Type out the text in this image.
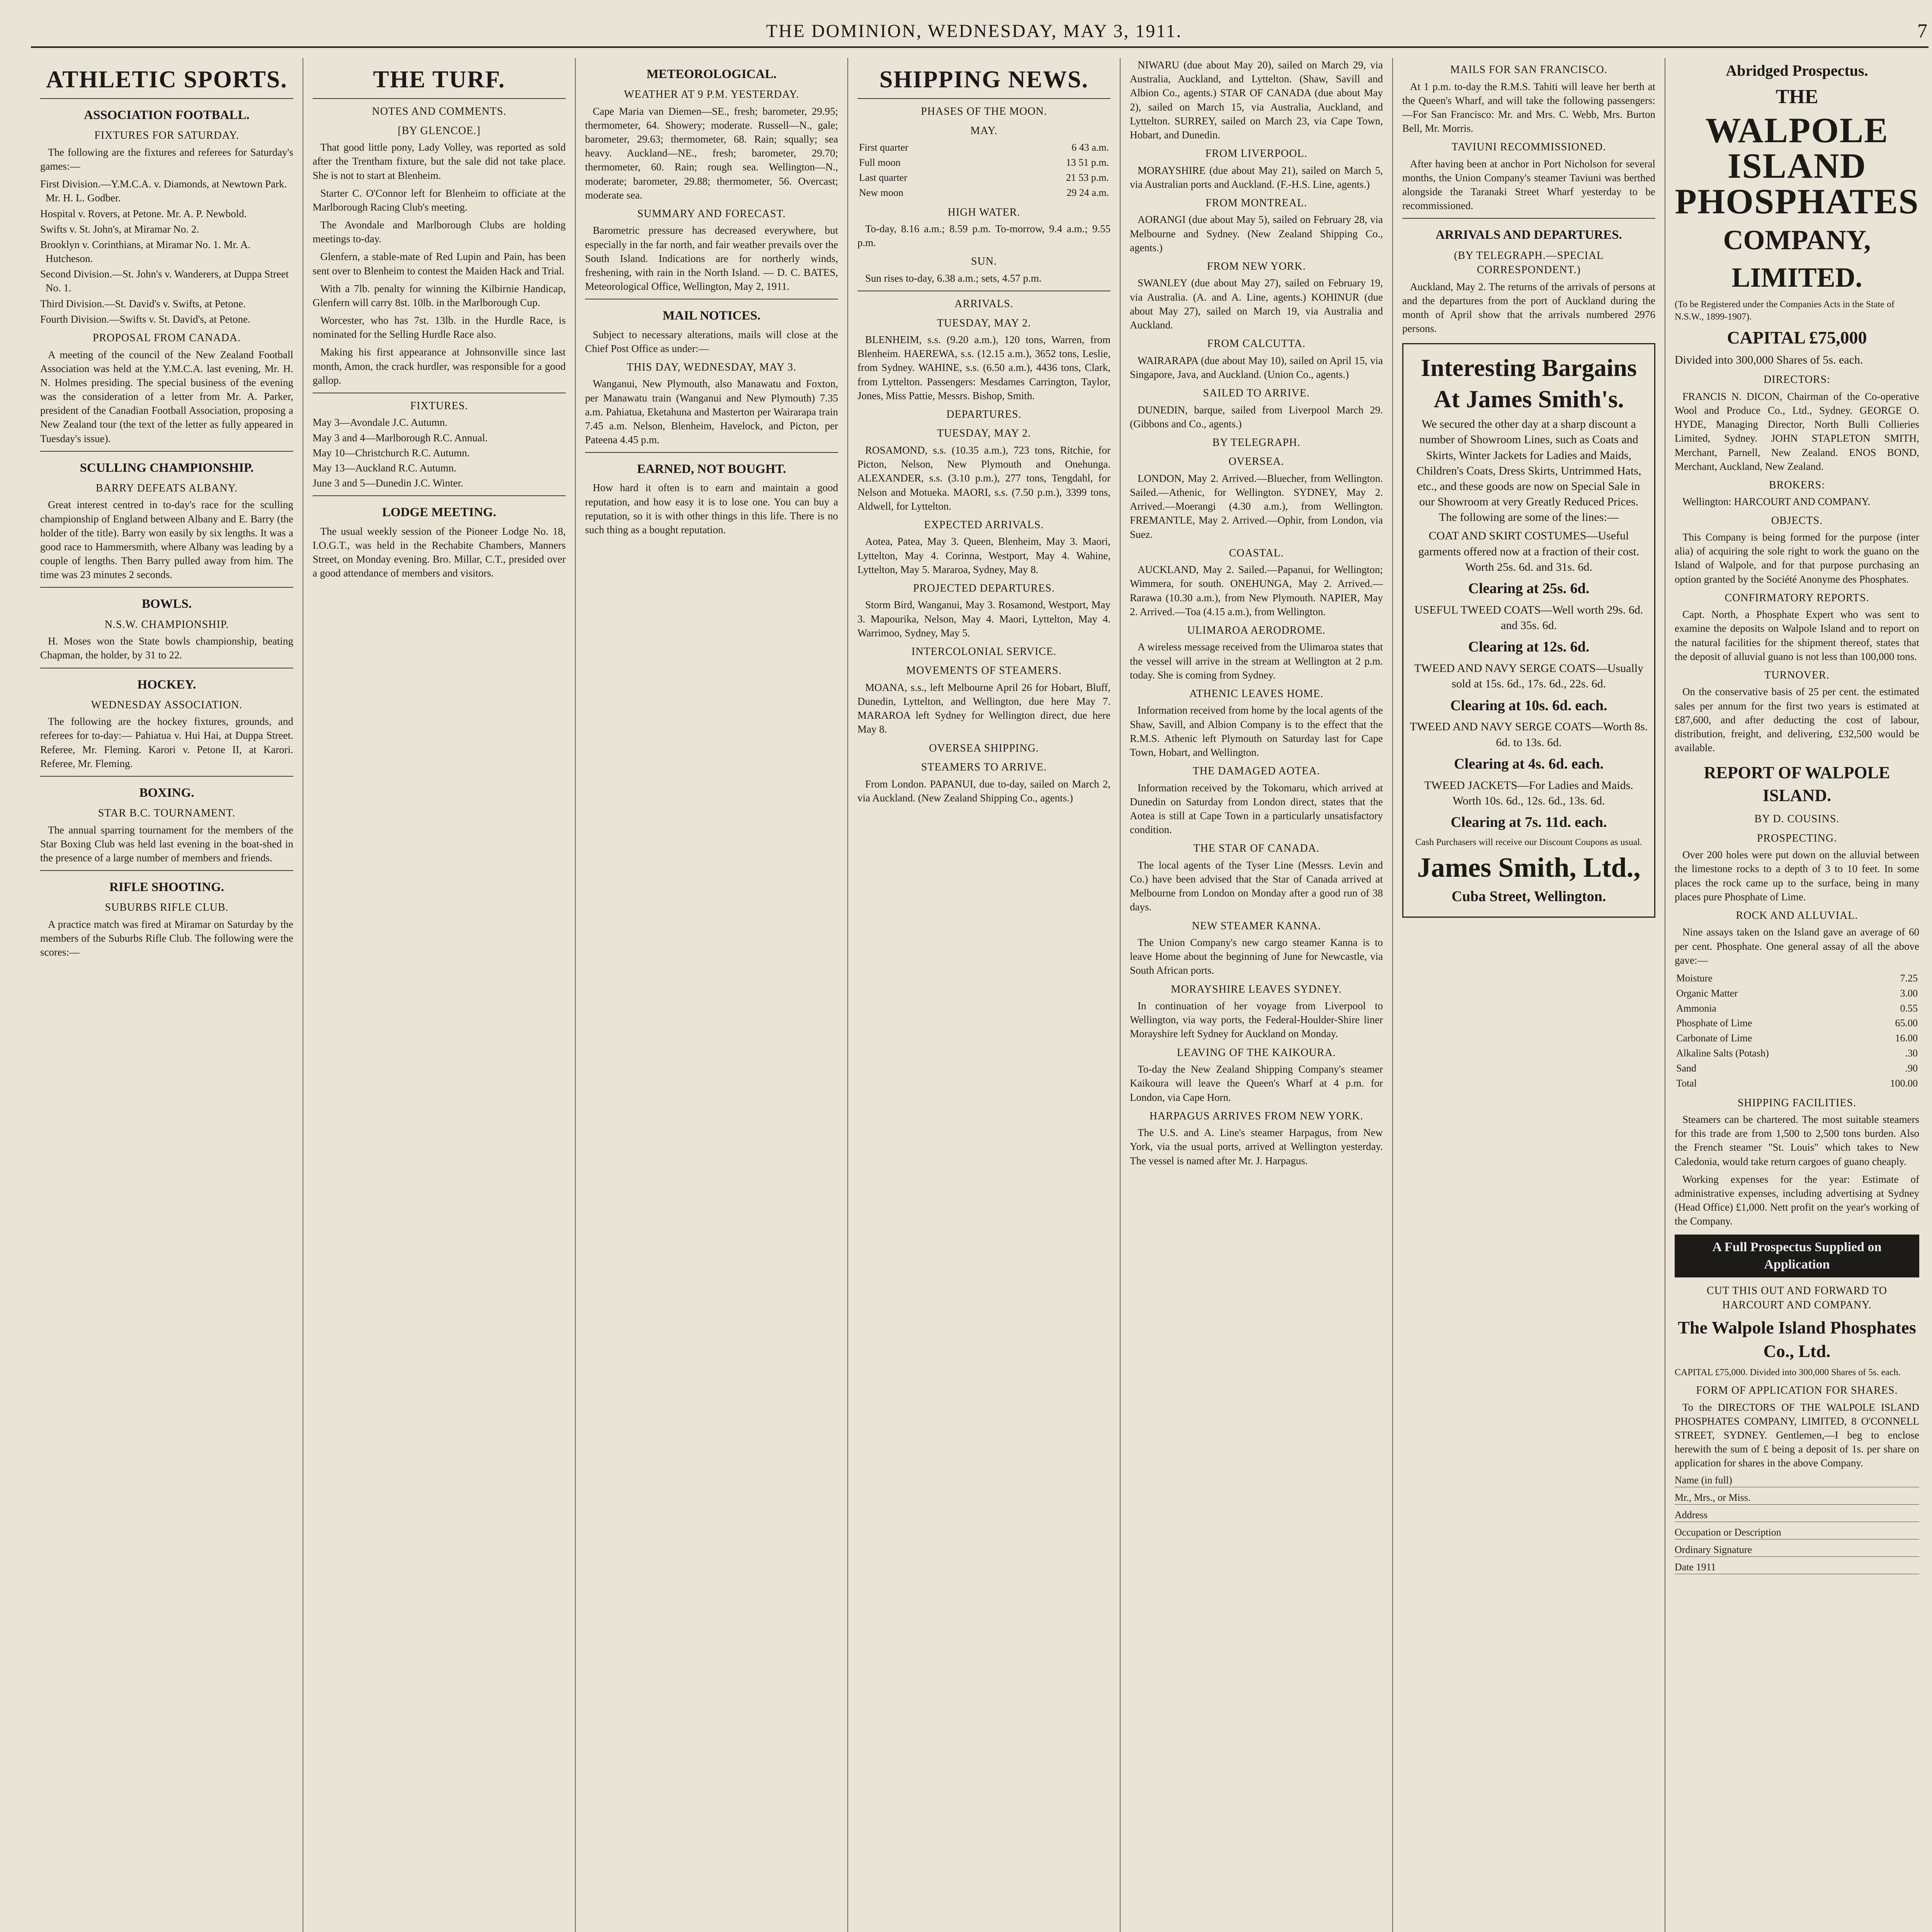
THE DOMINION, WEDNESDAY, MAY 3, 1911.	7
ATHLETIC SPORTS.
ASSOCIATION FOOTBALL.
FIXTURES FOR SATURDAY.

The following are the fixtures and referees for Saturday's games:—

First Division.—Y.M.C.A. v. Diamonds, at Newtown Park. Mr. H. L. Godber.

Hospital v. Rovers, at Petone. Mr. A. P. Newbold.

Swifts v. St. John's, at Miramar No. 2.

Brooklyn v. Corinthians, at Miramar No. 1. Mr. A. Hutcheson.

Second Division.—St. John's v. Wanderers, at Duppa Street No. 1.

Third Division.—St. David's v. Swifts, at Petone.

Fourth Division.—Swifts v. St. David's, at Petone.

PROPOSAL FROM CANADA.

A meeting of the council of the New Zealand Football Association was held at the Y.M.C.A. last evening, Mr. H. N. Holmes presiding. The special business of the evening was the consideration of a letter from Mr. A. Parker, president of the Canadian Football Association, proposing a New Zealand tour (the text of the letter as fully appeared in Tuesday's issue).

SCULLING CHAMPIONSHIP.
BARRY DEFEATS ALBANY.

Great interest centred in to-day's race for the sculling championship of England between Albany and E. Barry (the holder of the title). Barry won easily by six lengths. It was a good race to Hammersmith, where Albany was leading by a couple of lengths. Then Barry pulled away from him. The time was 23 minutes 2 seconds.

BOWLS.
N.S.W. CHAMPIONSHIP.

H. Moses won the State bowls championship, beating Chapman, the holder, by 31 to 22.

HOCKEY.
WEDNESDAY ASSOCIATION.

The following are the hockey fixtures, grounds, and referees for to-day:— Pahiatua v. Hui Hai, at Duppa Street. Referee, Mr. Fleming. Karori v. Petone II, at Karori. Referee, Mr. Fleming.

BOXING.
STAR B.C. TOURNAMENT.

The annual sparring tournament for the members of the Star Boxing Club was held last evening in the boat-shed in the presence of a large number of members and friends.

RIFLE SHOOTING.
SUBURBS RIFLE CLUB.

A practice match was fired at Miramar on Saturday by the members of the Suburbs Rifle Club. The following were the scores:—

THE TURF.
NOTES AND COMMENTS.
[BY GLENCOE.]

That good little pony, Lady Volley, was reported as sold after the Trentham fixture, but the sale did not take place. She is not to start at Blenheim.

Starter C. O'Connor left for Blenheim to officiate at the Marlborough Racing Club's meeting.

The Avondale and Marlborough Clubs are holding meetings to-day.

Glenfern, a stable-mate of Red Lupin and Pain, has been sent over to Blenheim to contest the Maiden Hack and Trial.

With a 7lb. penalty for winning the Kilbirnie Handicap, Glenfern will carry 8st. 10lb. in the Marlborough Cup.

Worcester, who has 7st. 13lb. in the Hurdle Race, is nominated for the Selling Hurdle Race also.

Making his first appearance at Johnsonville since last month, Amon, the crack hurdler, was responsible for a good gallop.

FIXTURES.

May 3—Avondale J.C. Autumn.

May 3 and 4—Marlborough R.C. Annual.

May 10—Christchurch R.C. Autumn.

May 13—Auckland R.C. Autumn.

June 3 and 5—Dunedin J.C. Winter.

LODGE MEETING.

The usual weekly session of the Pioneer Lodge No. 18, I.O.G.T., was held in the Rechabite Chambers, Manners Street, on Monday evening. Bro. Millar, C.T., presided over a good attendance of members and visitors.

METEOROLOGICAL.
WEATHER AT 9 P.M. YESTERDAY.

Cape Maria van Diemen—SE., fresh; barometer, 29.95; thermometer, 64. Showery; moderate. Russell—N., gale; barometer, 29.63; thermometer, 68. Rain; squally; sea heavy. Auckland—NE., fresh; barometer, 29.70; thermometer, 60. Rain; rough sea. Wellington—N., moderate; barometer, 29.88; thermometer, 56. Overcast; moderate sea.

SUMMARY AND FORECAST.

Barometric pressure has decreased everywhere, but especially in the far north, and fair weather prevails over the South Island. Indications are for northerly winds, freshening, with rain in the North Island. — D. C. BATES, Meteorological Office, Wellington, May 2, 1911.

MAIL NOTICES.

Subject to necessary alterations, mails will close at the Chief Post Office as under:—

THIS DAY, WEDNESDAY, MAY 3.

Wanganui, New Plymouth, also Manawatu and Foxton, per Manawatu train (Wanganui and New Plymouth) 7.35 a.m. Pahiatua, Eketahuna and Masterton per Wairarapa train 7.45 a.m. Nelson, Blenheim, Havelock, and Picton, per Pateena 4.45 p.m.

EARNED, NOT BOUGHT.

How hard it often is to earn and maintain a good reputation, and how easy it is to lose one. You can buy a reputation, so it is with other things in this life. There is no such thing as a bought reputation.

SHIPPING NEWS.
PHASES OF THE MOON.
MAY.
First quarter	6 43 a.m.
Full moon	13 51 p.m.
Last quarter	21 53 p.m.
New moon	29 24 a.m.
HIGH WATER.

To-day, 8.16 a.m.; 8.59 p.m. To-morrow, 9.4 a.m.; 9.55 p.m.

SUN.

Sun rises to-day, 6.38 a.m.; sets, 4.57 p.m.

ARRIVALS.
TUESDAY, MAY 2.

BLENHEIM, s.s. (9.20 a.m.), 120 tons, Warren, from Blenheim. HAEREWA, s.s. (12.15 a.m.), 3652 tons, Leslie, from Sydney. WAHINE, s.s. (6.50 a.m.), 4436 tons, Clark, from Lyttelton. Passengers: Mesdames Carrington, Taylor, Jones, Miss Pattie, Messrs. Bishop, Smith.

DEPARTURES.
TUESDAY, MAY 2.

ROSAMOND, s.s. (10.35 a.m.), 723 tons, Ritchie, for Picton, Nelson, New Plymouth and Onehunga. ALEXANDER, s.s. (3.10 p.m.), 277 tons, Tengdahl, for Nelson and Motueka. MAORI, s.s. (7.50 p.m.), 3399 tons, Aldwell, for Lyttelton.

EXPECTED ARRIVALS.

Aotea, Patea, May 3. Queen, Blenheim, May 3. Maori, Lyttelton, May 4. Corinna, Westport, May 4. Wahine, Lyttelton, May 5. Mararoa, Sydney, May 8.

PROJECTED DEPARTURES.

Storm Bird, Wanganui, May 3. Rosamond, Westport, May 3. Mapourika, Nelson, May 4. Maori, Lyttelton, May 4. Warrimoo, Sydney, May 5.

INTERCOLONIAL SERVICE.
MOVEMENTS OF STEAMERS.

MOANA, s.s., left Melbourne April 26 for Hobart, Bluff, Dunedin, Lyttelton, and Wellington, due here May 7. MARAROA left Sydney for Wellington direct, due here May 8.

OVERSEA SHIPPING.
STEAMERS TO ARRIVE.

From London. PAPANUI, due to-day, sailed on March 2, via Auckland. (New Zealand Shipping Co., agents.)

NIWARU (due about May 20), sailed on March 29, via Australia, Auckland, and Lyttelton. (Shaw, Savill and Albion Co., agents.) STAR OF CANADA (due about May 2), sailed on March 15, via Australia, Auckland, and Lyttelton. SURREY, sailed on March 23, via Cape Town, Hobart, and Dunedin.

FROM LIVERPOOL.

MORAYSHIRE (due about May 21), sailed on March 5, via Australian ports and Auckland. (F.-H.S. Line, agents.)

FROM MONTREAL.

AORANGI (due about May 5), sailed on February 28, via Melbourne and Sydney. (New Zealand Shipping Co., agents.)

FROM NEW YORK.

SWANLEY (due about May 27), sailed on February 19, via Australia. (A. and A. Line, agents.) KOHINUR (due about May 27), sailed on March 19, via Australia and Auckland.

FROM CALCUTTA.

WAIRARAPA (due about May 10), sailed on April 15, via Singapore, Java, and Auckland. (Union Co., agents.)

SAILED TO ARRIVE.

DUNEDIN, barque, sailed from Liverpool March 29. (Gibbons and Co., agents.)

BY TELEGRAPH.
OVERSEA.

LONDON, May 2. Arrived.—Bluecher, from Wellington. Sailed.—Athenic, for Wellington. SYDNEY, May 2. Arrived.—Moerangi (4.30 a.m.), from Wellington. FREMANTLE, May 2. Arrived.—Ophir, from London, via Suez.

COASTAL.

AUCKLAND, May 2. Sailed.—Papanui, for Wellington; Wimmera, for south. ONEHUNGA, May 2. Arrived.—Rarawa (10.30 a.m.), from New Plymouth. NAPIER, May 2. Arrived.—Toa (4.15 a.m.), from Wellington.

ULIMAROA AERODROME.

A wireless message received from the Ulimaroa states that the vessel will arrive in the stream at Wellington at 2 p.m. today. She is coming from Sydney.

ATHENIC LEAVES HOME.

Information received from home by the local agents of the Shaw, Savill, and Albion Company is to the effect that the R.M.S. Athenic left Plymouth on Saturday last for Cape Town, Hobart, and Wellington.

THE DAMAGED AOTEA.

Information received by the Tokomaru, which arrived at Dunedin on Saturday from London direct, states that the Aotea is still at Cape Town in a particularly unsatisfactory condition.

THE STAR OF CANADA.

The local agents of the Tyser Line (Messrs. Levin and Co.) have been advised that the Star of Canada arrived at Melbourne from London on Monday after a good run of 38 days.

NEW STEAMER KANNA.

The Union Company's new cargo steamer Kanna is to leave Home about the beginning of June for Newcastle, via South African ports.

MORAYSHIRE LEAVES SYDNEY.

In continuation of her voyage from Liverpool to Wellington, via way ports, the Federal-Houlder-Shire liner Morayshire left Sydney for Auckland on Monday.

LEAVING OF THE KAIKOURA.

To-day the New Zealand Shipping Company's steamer Kaikoura will leave the Queen's Wharf at 4 p.m. for London, via Cape Horn.

HARPAGUS ARRIVES FROM NEW YORK.

The U.S. and A. Line's steamer Harpagus, from New York, via the usual ports, arrived at Wellington yesterday. The vessel is named after Mr. J. Harpagus.

MAILS FOR SAN FRANCISCO.

At 1 p.m. to-day the R.M.S. Tahiti will leave her berth at the Queen's Wharf, and will take the following passengers:—For San Francisco: Mr. and Mrs. C. Webb, Mrs. Burton Bell, Mr. Morris.

TAVIUNI RECOMMISSIONED.

After having been at anchor in Port Nicholson for several months, the Union Company's steamer Taviuni was berthed alongside the Taranaki Street Wharf yesterday to be recommissioned.

ARRIVALS AND DEPARTURES.
(BY TELEGRAPH.—SPECIAL CORRESPONDENT.)

Auckland, May 2. The returns of the arrivals of persons at and the departures from the port of Auckland during the month of April show that the arrivals numbered 2976 persons.

Interesting Bargains
At James Smith's.

We secured the other day at a sharp discount a number of Showroom Lines, such as Coats and Skirts, Winter Jackets for Ladies and Maids, Children's Coats, Dress Skirts, Untrimmed Hats, etc., and these goods are now on Special Sale in our Showroom at very Greatly Reduced Prices. The following are some of the lines:—

COAT AND SKIRT COSTUMES—Useful garments offered now at a fraction of their cost. Worth 25s. 6d. and 31s. 6d.

Clearing at 25s. 6d.

USEFUL TWEED COATS—Well worth 29s. 6d. and 35s. 6d.

Clearing at 12s. 6d.

TWEED AND NAVY SERGE COATS—Usually sold at 15s. 6d., 17s. 6d., 22s. 6d.

Clearing at 10s. 6d. each.

TWEED AND NAVY SERGE COATS—Worth 8s. 6d. to 13s. 6d.

Clearing at 4s. 6d. each.

TWEED JACKETS—For Ladies and Maids. Worth 10s. 6d., 12s. 6d., 13s. 6d.

Clearing at 7s. 11d. each.

Cash Purchasers will receive our Discount Coupons as usual.

James Smith, Ltd.,
Cuba Street, Wellington.
Abridged Prospectus.
THE
WALPOLE ISLAND PHOSPHATES
COMPANY, LIMITED.

(To be Registered under the Companies Acts in the State of N.S.W., 1899-1907).

CAPITAL £75,000

Divided into 300,000 Shares of 5s. each.

DIRECTORS:

FRANCIS N. DICON, Chairman of the Co-operative Wool and Produce Co., Ltd., Sydney. GEORGE O. HYDE, Managing Director, North Bulli Collieries Limited, Sydney. JOHN STAPLETON SMITH, Merchant, Parnell, New Zealand. ENOS BOND, Merchant, Auckland, New Zealand.

BROKERS:

Wellington: HARCOURT AND COMPANY.

OBJECTS.

This Company is being formed for the purpose (inter alia) of acquiring the sole right to work the guano on the Island of Walpole, and for that purpose purchasing an option granted by the Société Anonyme des Phosphates.

CONFIRMATORY REPORTS.

Capt. North, a Phosphate Expert who was sent to examine the deposits on Walpole Island and to report on the natural facilities for the shipment thereof, states that the deposit of alluvial guano is not less than 100,000 tons.

TURNOVER.

On the conservative basis of 25 per cent. the estimated sales per annum for the first two years is estimated at £87,600, and after deducting the cost of labour, distribution, freight, and delivering, £32,500 would be available.

REPORT OF WALPOLE ISLAND.
BY D. COUSINS.
PROSPECTING.

Over 200 holes were put down on the alluvial between the limestone rocks to a depth of 3 to 10 feet. In some places the rock came up to the surface, being in many places pure Phosphate of Lime.

ROCK AND ALLUVIAL.

Nine assays taken on the Island gave an average of 60 per cent. Phosphate. One general assay of all the above gave:—

Moisture	7.25
Organic Matter	3.00
Ammonia	0.55
Phosphate of Lime	65.00
Carbonate of Lime	16.00
Alkaline Salts (Potash)	.30
Sand	.90
Total	100.00
SHIPPING FACILITIES.

Steamers can be chartered. The most suitable steamers for this trade are from 1,500 to 2,500 tons burden. Also the French steamer "St. Louis" which takes to New Caledonia, would take return cargoes of guano cheaply.

Working expenses for the year: Estimate of administrative expenses, including advertising at Sydney (Head Office) £1,000. Nett profit on the year's working of the Company.

A Full Prospectus Supplied on Application
CUT THIS OUT AND FORWARD TO HARCOURT AND COMPANY.
The Walpole Island Phosphates Co., Ltd.

CAPITAL £75,000. Divided into 300,000 Shares of 5s. each.

FORM OF APPLICATION FOR SHARES.

To the DIRECTORS OF THE WALPOLE ISLAND PHOSPHATES COMPANY, LIMITED, 8 O'CONNELL STREET, SYDNEY. Gentlemen,—I beg to enclose herewith the sum of £ being a deposit of 1s. per share on application for shares in the above Company.

Name (in full)
Mr., Mrs., or Miss.
Address
Occupation or Description
Ordinary Signature
Date 1911
